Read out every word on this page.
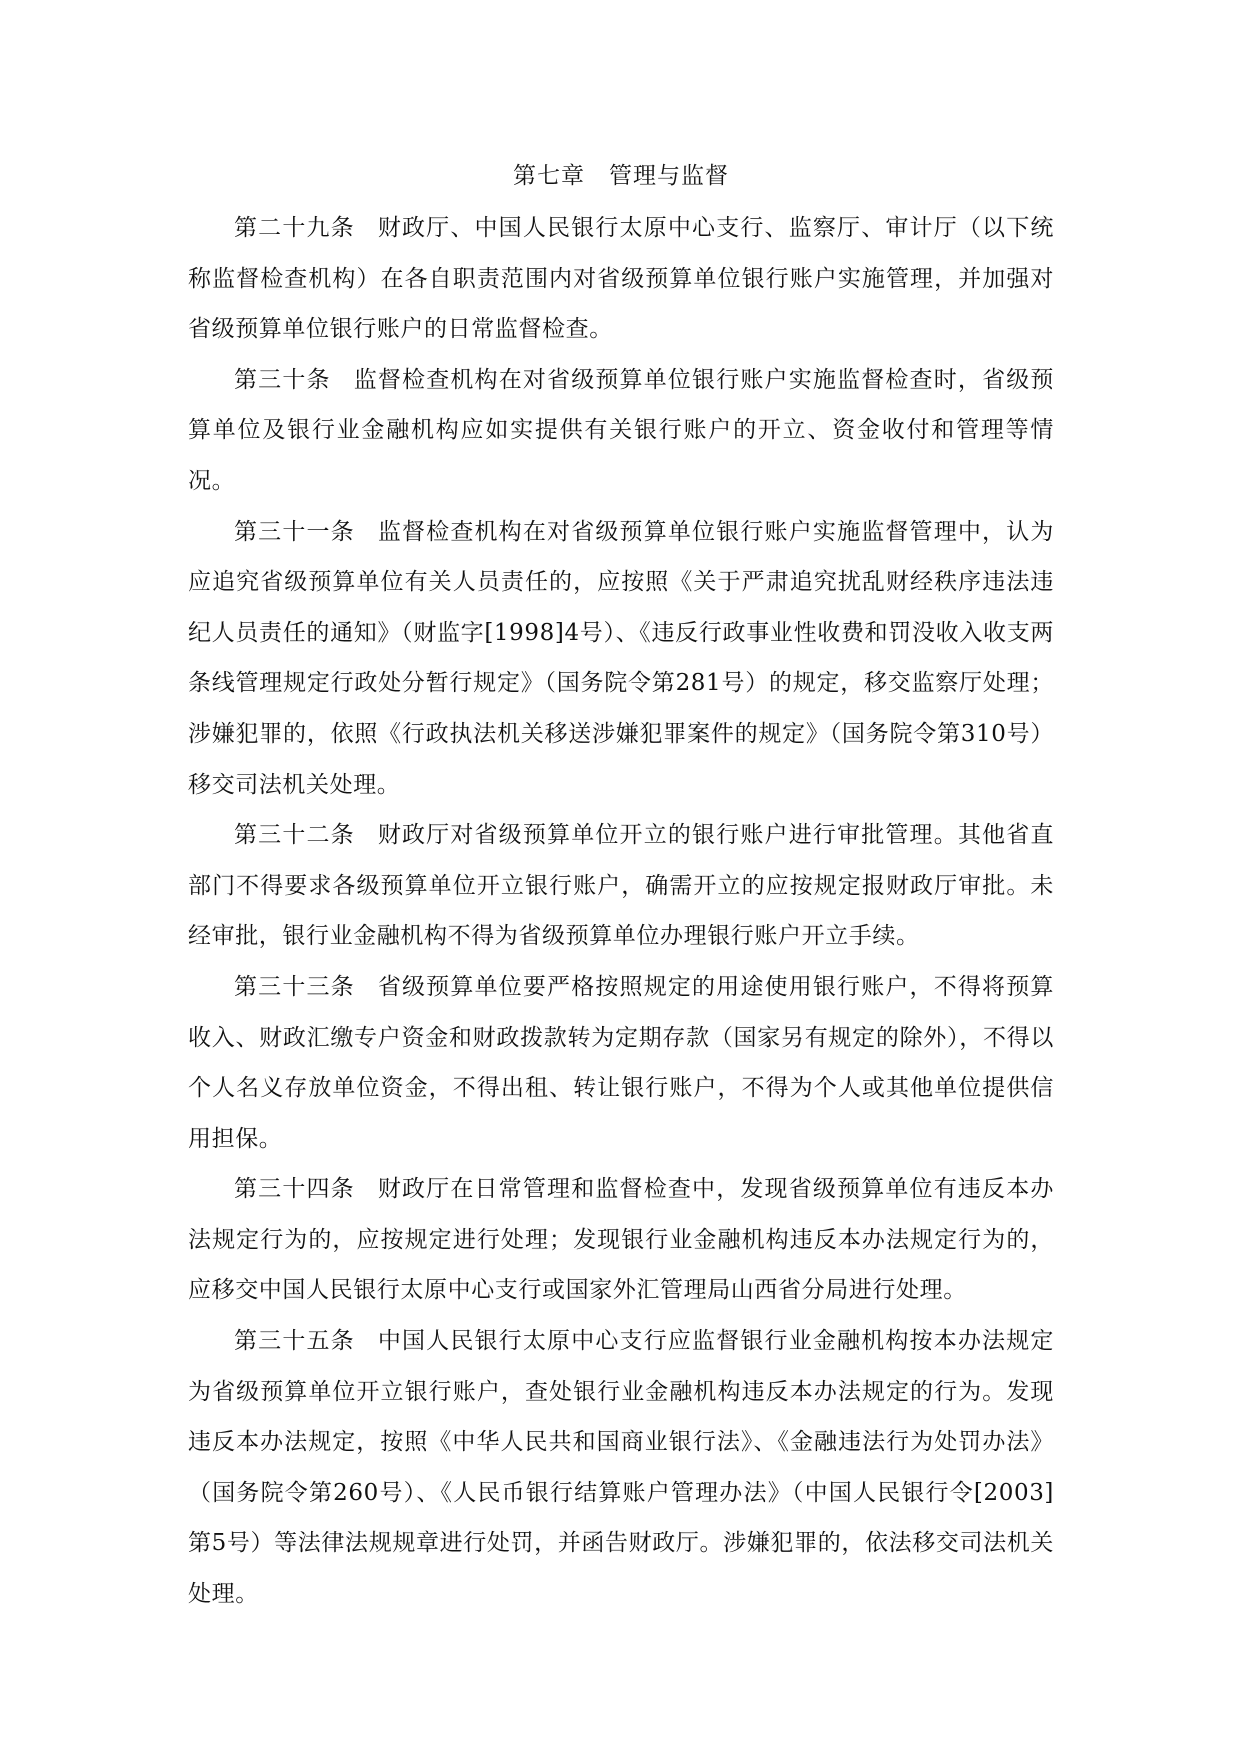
第七章　管理与监督

第二十九条 财政厅、中国人民银行太原中心支行、监察厅、审计厅（以下统称监督检查机构）在各自职责范围内对省级预算单位银行账户实施管理，并加强对省级预算单位银行账户的日常监督检查。

第三十条 监督检查机构在对省级预算单位银行账户实施监督检查时，省级预算单位及银行业金融机构应如实提供有关银行账户的开立、资金收付和管理等情况。

第三十一条 监督检查机构在对省级预算单位银行账户实施监督管理中，认为应追究省级预算单位有关人员责任的，应按照《关于严肃追究扰乱财经秩序违法违纪人员责任的通知》（财监字[1998]4号）、《违反行政事业性收费和罚没收入收支两条线管理规定行政处分暂行规定》（国务院令第281号）的规定，移交监察厅处理；涉嫌犯罪的，依照《行政执法机关移送涉嫌犯罪案件的规定》（国务院令第310号）移交司法机关处理。

第三十二条 财政厅对省级预算单位开立的银行账户进行审批管理。其他省直部门不得要求各级预算单位开立银行账户，确需开立的应按规定报财政厅审批。未经审批，银行业金融机构不得为省级预算单位办理银行账户开立手续。

第三十三条 省级预算单位要严格按照规定的用途使用银行账户，不得将预算收入、财政汇缴专户资金和财政拨款转为定期存款（国家另有规定的除外），不得以个人名义存放单位资金，不得出租、转让银行账户，不得为个人或其他单位提供信用担保。

第三十四条 财政厅在日常管理和监督检查中，发现省级预算单位有违反本办法规定行为的，应按规定进行处理；发现银行业金融机构违反本办法规定行为的，应移交中国人民银行太原中心支行或国家外汇管理局山西省分局进行处理。

第三十五条 中国人民银行太原中心支行应监督银行业金融机构按本办法规定为省级预算单位开立银行账户，查处银行业金融机构违反本办法规定的行为。发现违反本办法规定，按照《中华人民共和国商业银行法》、《金融违法行为处罚办法》（国务院令第260号）、《人民币银行结算账户管理办法》（中国人民银行令[2003]第5号）等法律法规规章进行处罚，并函告财政厅。涉嫌犯罪的，依法移交司法机关处理。
